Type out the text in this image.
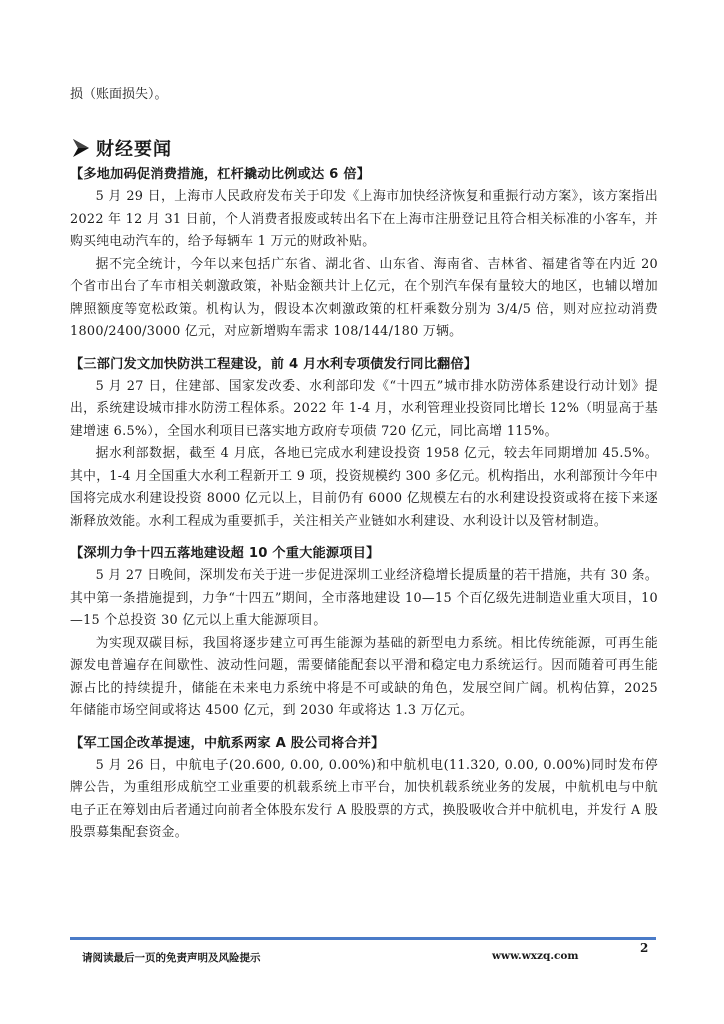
损（账面损失）。

财经要闻

【多地加码促消费措施，杠杆撬动比例或达 6 倍】

5 月 29 日，上海市人民政府发布关于印发《上海市加快经济恢复和重振行动方案》，该方案指出 2022 年 12 月 31 日前，个人消费者报废或转出名下在上海市注册登记且符合相关标准的小客车，并购买纯电动汽车的，给予每辆车 1 万元的财政补贴。

据不完全统计，今年以来包括广东省、湖北省、山东省、海南省、吉林省、福建省等在内近 20 个省市出台了车市相关刺激政策，补贴金额共计上亿元，在个别汽车保有量较大的地区，也辅以增加牌照额度等宽松政策。机构认为，假设本次刺激政策的杠杆乘数分别为 3/4/5 倍，则对应拉动消费 1800/2400/3000 亿元，对应新增购车需求 108/144/180 万辆。

【三部门发文加快防洪工程建设，前 4 月水利专项债发行同比翻倍】

5 月 27 日，住建部、国家发改委、水利部印发《“十四五”城市排水防涝体系建设行动计划》提出，系统建设城市排水防涝工程体系。2022 年 1-4 月，水利管理业投资同比增长 12%（明显高于基建增速 6.5%），全国水利项目已落实地方政府专项债 720 亿元，同比高增 115%。

据水利部数据，截至 4 月底，各地已完成水利建设投资 1958 亿元，较去年同期增加 45.5%。其中，1-4 月全国重大水利工程新开工 9 项，投资规模约 300 多亿元。机构指出，水利部预计今年中国将完成水利建设投资 8000 亿元以上，目前仍有 6000 亿规模左右的水利建设投资或将在接下来逐渐释放效能。水利工程成为重要抓手，关注相关产业链如水利建设、水利设计以及管材制造。

【深圳力争十四五落地建设超 10 个重大能源项目】

5 月 27 日晚间，深圳发布关于进一步促进深圳工业经济稳增长提质量的若干措施，共有 30 条。其中第一条措施提到，力争“十四五”期间，全市落地建设 10—15 个百亿级先进制造业重大项目，10—15 个总投资 30 亿元以上重大能源项目。

为实现双碳目标，我国将逐步建立可再生能源为基础的新型电力系统。相比传统能源，可再生能源发电普遍存在间歇性、波动性问题，需要储能配套以平滑和稳定电力系统运行。因而随着可再生能源占比的持续提升，储能在未来电力系统中将是不可或缺的角色，发展空间广阔。机构估算，2025 年储能市场空间或将达 4500 亿元，到 2030 年或将达 1.3 万亿元。

【军工国企改革提速，中航系两家 A 股公司将合并】

5 月 26 日，中航电子(20.600, 0.00, 0.00%)和中航机电(11.320, 0.00, 0.00%)同时发布停牌公告，为重组形成航空工业重要的机载系统上市平台，加快机载系统业务的发展，中航机电与中航电子正在筹划由后者通过向前者全体股东发行 A 股股票的方式，换股吸收合并中航机电，并发行 A 股股票募集配套资金。

2
请阅读最后一页的免责声明及风险提示	www.wxzq.com
